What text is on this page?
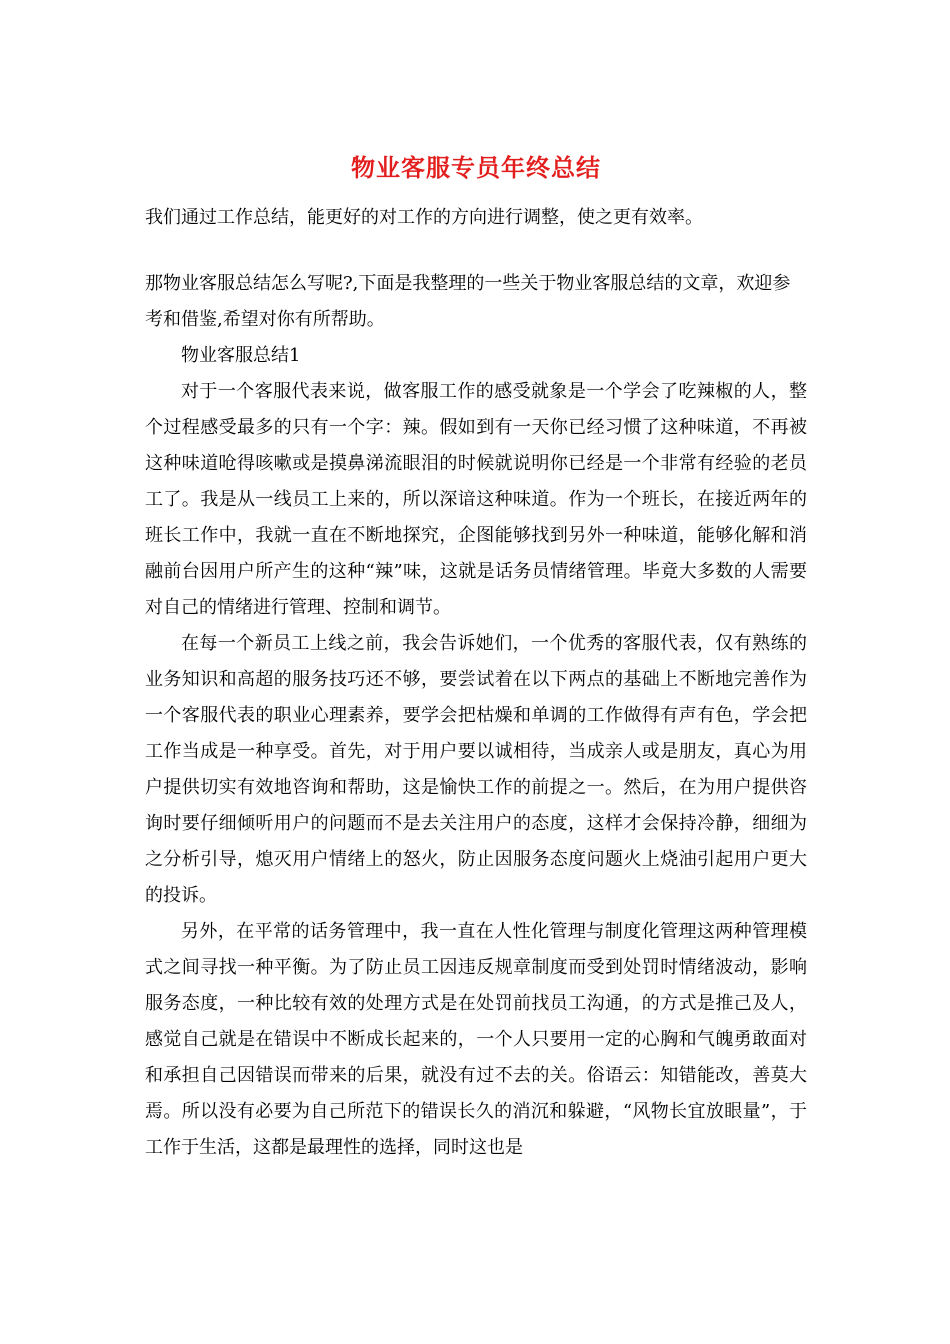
物业客服专员年终总结

我们通过工作总结，能更好的对工作的方向进行调整，使之更有效率。

那物业客服总结怎么写呢?,下面是我整理的一些关于物业客服总结的文章，欢迎参考和借鉴,希望对你有所帮助。

物业客服总结1

对于一个客服代表来说，做客服工作的感受就象是一个学会了吃辣椒的人，整个过程感受最多的只有一个字：辣。假如到有一天你已经习惯了这种味道，不再被这种味道呛得咳嗽或是摸鼻涕流眼泪的时候就说明你已经是一个非常有经验的老员工了。我是从一线员工上来的，所以深谙这种味道。作为一个班长，在接近两年的班长工作中，我就一直在不断地探究，企图能够找到另外一种味道，能够化解和消融前台因用户所产生的这种“辣”味，这就是话务员情绪管理。毕竟大多数的人需要对自己的情绪进行管理、控制和调节。

在每一个新员工上线之前，我会告诉她们，一个优秀的客服代表，仅有熟练的业务知识和高超的服务技巧还不够，要尝试着在以下两点的基础上不断地完善作为一个客服代表的职业心理素养，要学会把枯燥和单调的工作做得有声有色，学会把工作当成是一种享受。首先，对于用户要以诚相待，当成亲人或是朋友，真心为用户提供切实有效地咨询和帮助，这是愉快工作的前提之一。然后，在为用户提供咨询时要仔细倾听用户的问题而不是去关注用户的态度，这样才会保持冷静，细细为之分析引导，熄灭用户情绪上的怒火，防止因服务态度问题火上烧油引起用户更大的投诉。

另外，在平常的话务管理中，我一直在人性化管理与制度化管理这两种管理模式之间寻找一种平衡。为了防止员工因违反规章制度而受到处罚时情绪波动，影响服务态度，一种比较有效的处理方式是在处罚前找员工沟通，的方式是推己及人，感觉自己就是在错误中不断成长起来的，一个人只要用一定的心胸和气魄勇敢面对和承担自己因错误而带来的后果，就没有过不去的关。俗语云：知错能改，善莫大焉。所以没有必要为自己所范下的错误长久的消沉和躲避，“风物长宜放眼量”，于工作于生活，这都是最理性的选择，同时这也是
